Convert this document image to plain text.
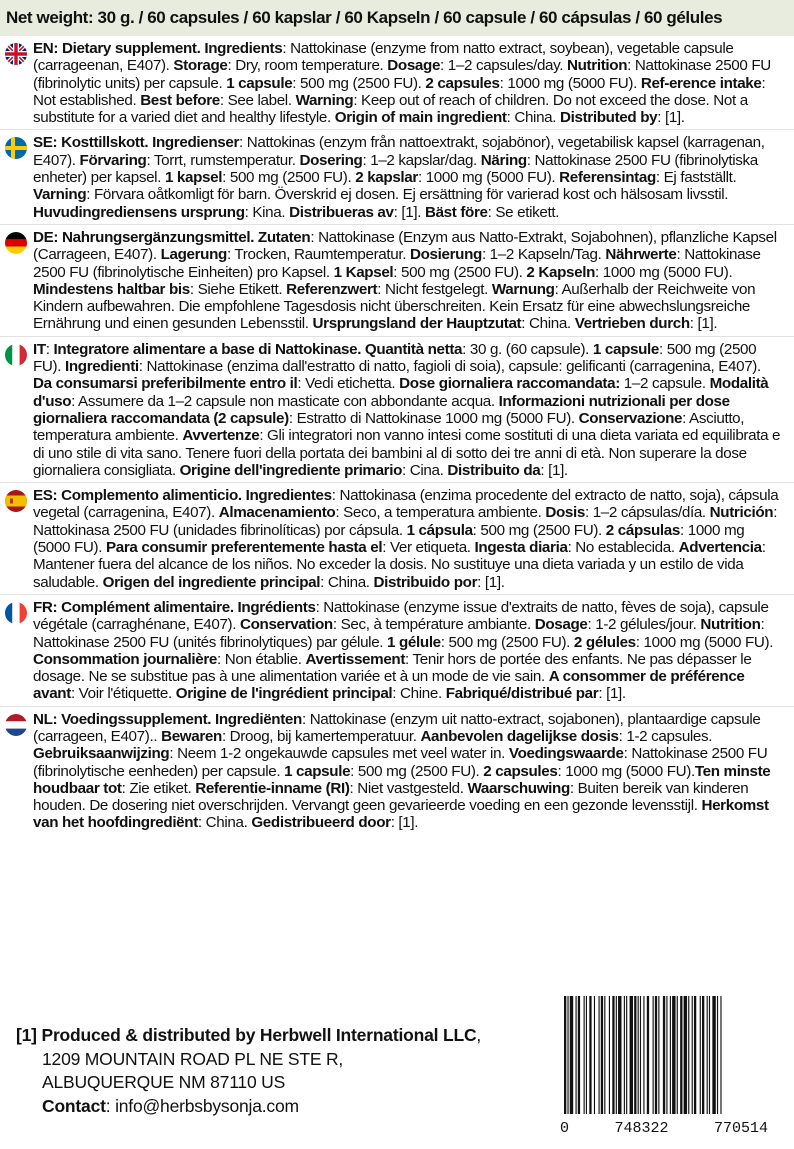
Net weight: 30 g. / 60 capsules / 60 kapslar / 60 Kapseln / 60 capsule / 60 cápsulas / 60 gélules
EN: Dietary supplement. Ingredients: Nattokinase (enzyme from natto extract, soybean), vegetable capsule (carrageenan, E407). Storage: Dry, room temperature. Dosage: 1–2 capsules/day. Nutrition: Nattokinase 2500 FU (fibrinolytic units) per capsule. 1 capsule: 500 mg (2500 FU). 2 capsules: 1000 mg (5000 FU). Ref-erence intake: Not established. Best before: See label. Warning: Keep out of reach of children. Do not exceed the dose. Not a substitute for a varied diet and healthy lifestyle. Origin of main ingredient: China. Distributed by: [1].
SE: Kosttillskott. Ingredienser: Nattokinas (enzym från nattoextrakt, sojabönor), vegetabilisk kapsel (karragenan, E407). Förvaring: Torrt, rumstemperatur. Dosering: 1–2 kapslar/dag. Näring: Nattokinase 2500 FU (fibrinolytiska enheter) per kapsel. 1 kapsel: 500 mg (2500 FU). 2 kapslar: 1000 mg (5000 FU). Referensintag: Ej fastställt. Varning: Förvara oåtkomligt för barn. Överskrid ej dosen. Ej ersättning för varierad kost och hälsosam livsstil. Huvudingrediensens ursprung: Kina. Distribueras av: [1]. Bäst före: Se etikett.
DE: Nahrungsergänzungsmittel. Zutaten: Nattokinase (Enzym aus Natto-Extrakt, Sojabohnen), pflanzliche Kapsel (Carrageen, E407). Lagerung: Trocken, Raumtemperatur. Dosierung: 1–2 Kapseln/Tag. Nährwerte: Nattokinase 2500 FU (fibrinolytische Einheiten) pro Kapsel. 1 Kapsel: 500 mg (2500 FU). 2 Kapseln: 1000 mg (5000 FU). Mindestens haltbar bis: Siehe Etikett. Referenzwert: Nicht festgelegt. Warnung: Außerhalb der Reichweite von Kindern aufbewahren. Die empfohlene Tagesdosis nicht überschreiten. Kein Ersatz für eine abwechslungsreiche Ernährung und einen gesunden Lebensstil. Ursprungsland der Hauptzutat: China. Vertrieben durch: [1].
IT: Integratore alimentare a base di Nattokinase. Quantità netta: 30 g. (60 capsule). 1 capsule: 500 mg (2500 FU). Ingredienti: Nattokinase (enzima dall'estratto di natto, fagioli di soia), capsule: gelificanti (carragenina, E407). Da consumarsi preferibilmente entro il: Vedi etichetta. Dose giornaliera raccomandata: 1–2 capsule. Modalità d'uso: Assumere da 1–2 capsule non masticate con abbondante acqua. Informazioni nutrizionali per dose giornaliera raccomandata (2 capsule): Estratto di Nattokinase 1000 mg (5000 FU). Conservazione: Asciutto, temperatura ambiente. Avvertenze: Gli integratori non vanno intesi come sostituti di una dieta variata ed equilibrata e di uno stile di vita sano. Tenere fuori della portata dei bambini al di sotto dei tre anni di età. Non superare la dose giornaliera consigliata. Origine dell'ingrediente primario: Cina. Distribuito da: [1].
ES: Complemento alimenticio. Ingredientes: Nattokinasa (enzima procedente del extracto de natto, soja), cápsula vegetal (carragenina, E407). Almacenamiento: Seco, a temperatura ambiente. Dosis: 1–2 cápsulas/día. Nutrición: Nattokinasa 2500 FU (unidades fibrinolíticas) por cápsula. 1 cápsula: 500 mg (2500 FU). 2 cápsulas: 1000 mg (5000 FU). Para consumir preferentemente hasta el: Ver etiqueta. Ingesta diaria: No establecida. Advertencia: Mantener fuera del alcance de los niños. No exceder la dosis. No sustituye una dieta variada y un estilo de vida saludable. Origen del ingrediente principal: China. Distribuido por: [1].
FR: Complément alimentaire. Ingrédients: Nattokinase (enzyme issue d'extraits de natto, fèves de soja), capsule végétale (carraghénane, E407). Conservation: Sec, à température ambiante. Dosage: 1-2 gélules/jour. Nutrition: Nattokinase 2500 FU (unités fibrinolytiques) par gélule. 1 gélule: 500 mg (2500 FU). 2 gélules: 1000 mg (5000 FU). Consommation journalière: Non établie. Avertissement: Tenir hors de portée des enfants. Ne pas dépasser le dosage. Ne se substitue pas à une alimentation variée et à un mode de vie sain. A consommer de préférence avant: Voir l'étiquette. Origine de l'ingrédient principal: Chine. Fabriqué/distribué par: [1].
NL: Voedingssupplement. Ingrediënten: Nattokinase (enzym uit natto-extract, sojabonen), plantaardige capsule (carrageen, E407).. Bewaren: Droog, bij kamertemperatuur. Aanbevolen dagelijkse dosis: 1-2 capsules. Gebruiksaanwijzing: Neem 1-2 ongekauwde capsules met veel water in. Voedingswaarde: Nattokinase 2500 FU (fibrinolytische eenheden) per capsule. 1 capsule: 500 mg (2500 FU). 2 capsules: 1000 mg (5000 FU).Ten minste houdbaar tot: Zie etiket. Referentie-inname (RI): Niet vastgesteld. Waarschuwing: Buiten bereik van kinderen houden. De dosering niet overschrijden. Vervangt geen gevarieerde voeding en een gezonde levensstijl. Herkomst van het hoofdingrediënt: China. Gedistribueerd door: [1].
[1] Produced & distributed by Herbwell International LLC,
1209 MOUNTAIN ROAD PL NE STE R,
ALBUQUERQUE NM 87110 US
Contact: info@herbsbysonja.com
0	748322	770514
